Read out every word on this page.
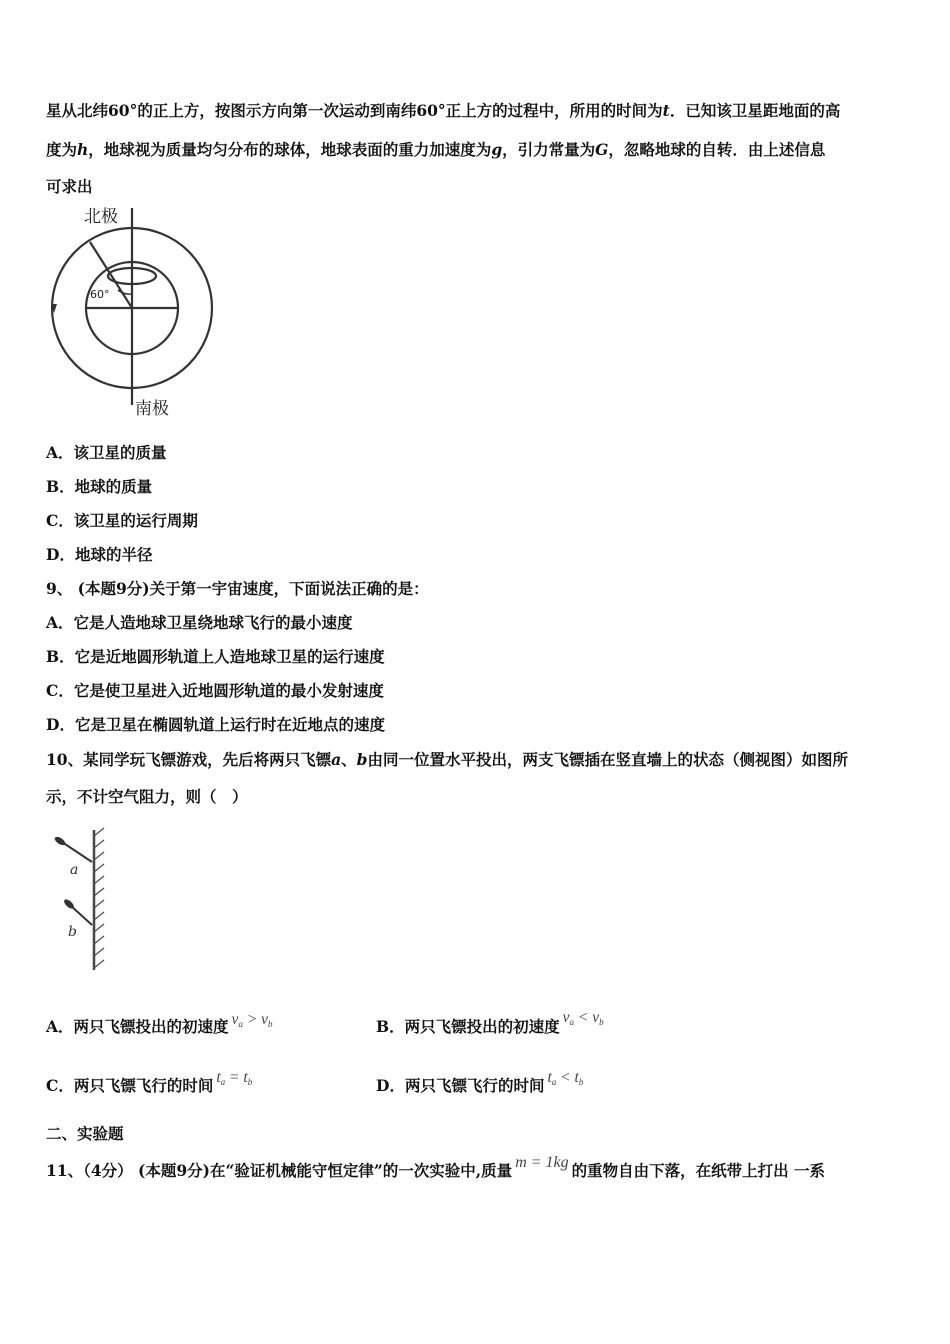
星从北纬60°的正上方，按图示方向第一次运动到南纬60°正上方的过程中，所用的时间为t．已知该卫星距地面的高
度为h，地球视为质量均匀分布的球体，地球表面的重力加速度为g，引力常量为G，忽略地球的自转．由上述信息
可求出
北极
60°
南极
A．该卫星的质量
B．地球的质量
C．该卫星的运行周期
D．地球的半径
9、 (本题9分)关于第一宇宙速度，下面说法正确的是：
A．它是人造地球卫星绕地球飞行的最小速度
B．它是近地圆形轨道上人造地球卫星的运行速度
C．它是使卫星进入近地圆形轨道的最小发射速度
D．它是卫星在椭圆轨道上运行时在近地点的速度
10、某同学玩飞镖游戏，先后将两只飞镖a、b由同一位置水平投出，两支飞镖插在竖直墙上的状态（侧视图）如图所
示，不计空气阻力，则（　）
a
b
A．两只飞镖投出的初速度 $v_a > v_b$	B．两只飞镖投出的初速度 $v_a < v_b$
C．两只飞镖飞行的时间 $t_a = t_b$	D．两只飞镖飞行的时间 $t_a < t_b$
二、实验题
11、（4分） (本题9分)在“验证机械能守恒定律”的一次实验中,质量 m = 1kg 的重物自由下落，在纸带上打出 一系
